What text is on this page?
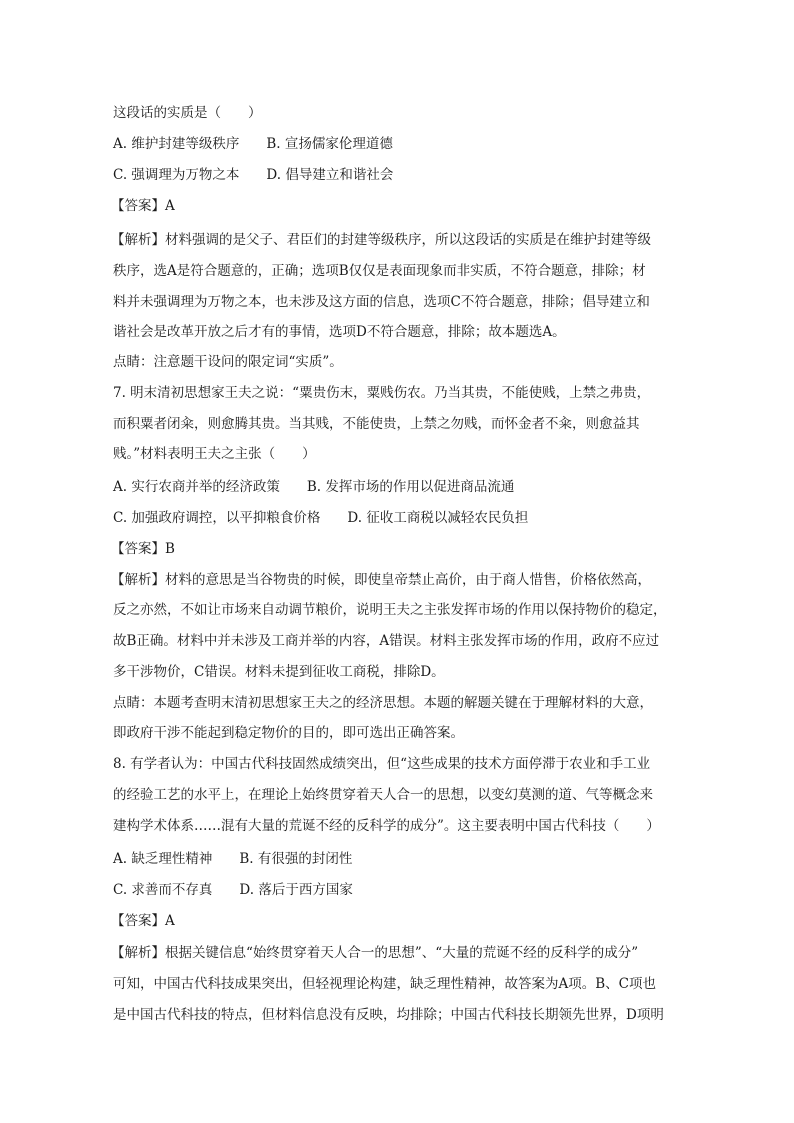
这段话的实质是（　　）
A. 维护封建等级秩序　　B. 宣扬儒家伦理道德
C. 强调理为万物之本　　D. 倡导建立和谐社会
【答案】A
【解析】材料强调的是父子、君臣们的封建等级秩序，所以这段话的实质是在维护封建等级
秩序，选A是符合题意的，正确；选项B仅仅是表面现象而非实质，不符合题意，排除；材
料并未强调理为万物之本，也未涉及这方面的信息，选项C不符合题意，排除；倡导建立和
谐社会是改革开放之后才有的事情，选项D不符合题意，排除；故本题选A。
点睛：注意题干设问的限定词“实质”。
7. 明末清初思想家王夫之说：“粟贵伤末，粟贱伤农。乃当其贵，不能使贱，上禁之弗贵，
而积粟者闭籴，则愈腾其贵。当其贱，不能使贵，上禁之勿贱，而怀金者不籴，则愈益其
贱。”材料表明王夫之主张（　　）
A. 实行农商并举的经济政策　　B. 发挥市场的作用以促进商品流通
C. 加强政府调控，以平抑粮食价格　　D. 征收工商税以减轻农民负担
【答案】B
【解析】材料的意思是当谷物贵的时候，即使皇帝禁止高价，由于商人惜售，价格依然高，
反之亦然，不如让市场来自动调节粮价，说明王夫之主张发挥市场的作用以保持物价的稳定，
故B正确。材料中并未涉及工商并举的内容，A错误。材料主张发挥市场的作用，政府不应过
多干涉物价，C错误。材料未提到征收工商税，排除D。
点睛：本题考查明末清初思想家王夫之的经济思想。本题的解题关键在于理解材料的大意，
即政府干涉不能起到稳定物价的目的，即可选出正确答案。
8. 有学者认为：中国古代科技固然成绩突出，但“这些成果的技术方面停滞于农业和手工业
的经验工艺的水平上，在理论上始终贯穿着天人合一的思想，以变幻莫测的道、气等概念来
建构学术体系……混有大量的荒诞不经的反科学的成分”。这主要表明中国古代科技（　　）
A. 缺乏理性精神　　B. 有很强的封闭性
C. 求善而不存真　　D. 落后于西方国家
【答案】A
【解析】根据关键信息“始终贯穿着天人合一的思想”、“大量的荒诞不经的反科学的成分”
可知，中国古代科技成果突出，但轻视理论构建，缺乏理性精神，故答案为A项。B、C项也
是中国古代科技的特点，但材料信息没有反映，均排除；中国古代科技长期领先世界，D项明
